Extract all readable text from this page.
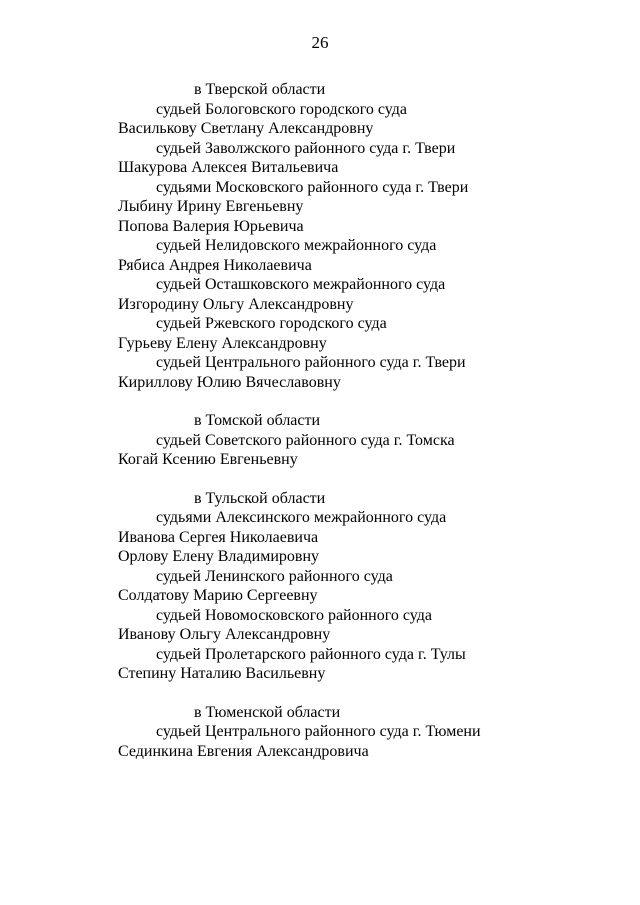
26
в Тверской области
судьей Бологовского городского суда
Василькову Светлану Александровну
судьей Заволжского районного суда г. Твери
Шакурова Алексея Витальевича
судьями Московского районного суда г. Твери
Лыбину Ирину Евгеньевну
Попова Валерия Юрьевича
судьей Нелидовского межрайонного суда
Рябиса Андрея Николаевича
судьей Осташковского межрайонного суда
Изгородину Ольгу Александровну
судьей Ржевского городского суда
Гурьеву Елену Александровну
судьей Центрального районного суда г. Твери
Кириллову Юлию Вячеславовну
в Томской области
судьей Советского районного суда г. Томска
Когай Ксению Евгеньевну
в Тульской области
судьями Алексинского межрайонного суда
Иванова Сергея Николаевича
Орлову Елену Владимировну
судьей Ленинского районного суда
Солдатову Марию Сергеевну
судьей Новомосковского районного суда
Иванову Ольгу Александровну
судьей Пролетарского районного суда г. Тулы
Степину Наталию Васильевну
в Тюменской области
судьей Центрального районного суда г. Тюмени
Сединкина Евгения Александровича
